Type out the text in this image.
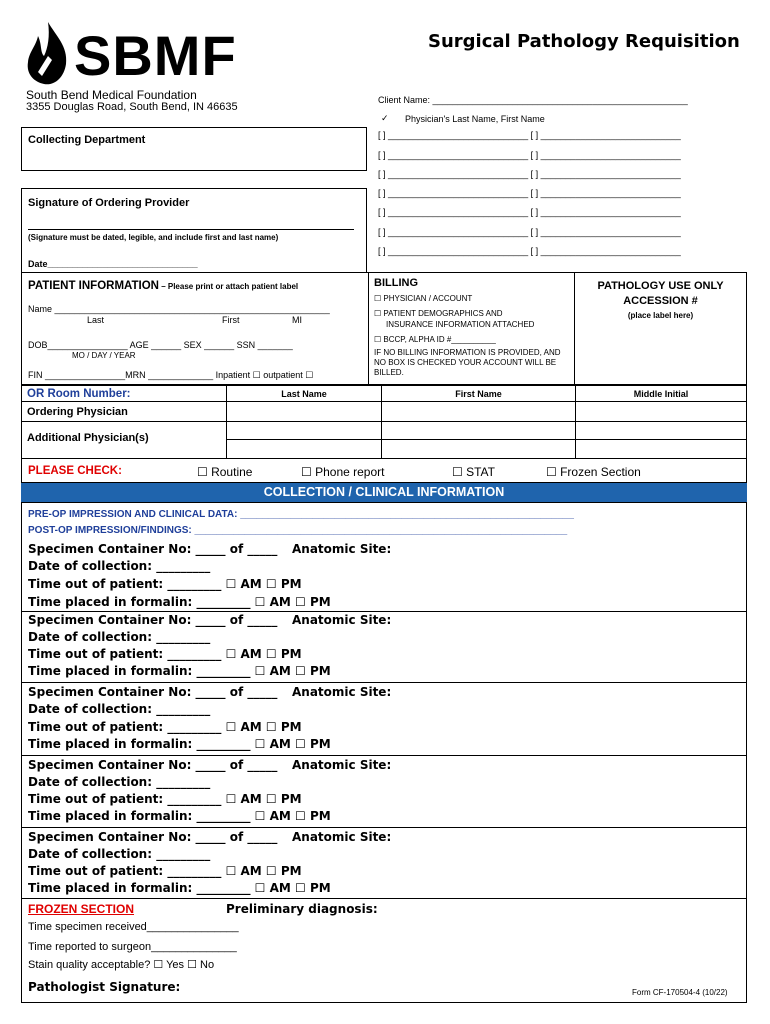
SBMF
South Bend Medical Foundation
3355 Douglas Road, South Bend, IN 46635
Surgical Pathology Requisition
Client Name: ___________________________________________________
✓ Physician's Last Name, First Name
[ ] ____________________________ [ ] ____________________________
[ ] ____________________________ [ ] ____________________________
[ ] ____________________________ [ ] ____________________________
[ ] ____________________________ [ ] ____________________________
[ ] ____________________________ [ ] ____________________________
[ ] ____________________________ [ ] ____________________________
[ ] ____________________________ [ ] ____________________________
Collecting Department
Signature of Ordering Provider
(Signature must be dated, legible, and include first and last name)
Date______________________________
PATIENT INFORMATION – Please print or attach patient label
Name _______________________________________________________
Last	First	MI
DOB________________ AGE ______ SEX ______ SSN _______
MO / DAY / YEAR
FIN ________________MRN _____________ Inpatient ☐ outpatient ☐
BILLING
☐ PHYSICIAN / ACCOUNT
☐ PATIENT DEMOGRAPHICS AND
INSURANCE INFORMATION ATTACHED
☐ BCCP, ALPHA ID #__________
IF NO BILLING INFORMATION IS PROVIDED, AND NO BOX IS CHECKED YOUR ACCOUNT WILL BE BILLED.
PATHOLOGY USE ONLY
ACCESSION #
(place label here)
OR Room Number:	Last Name	First Name	Middle Initial
Ordering Physician
Additional Physician(s)
PLEASE CHECK:	☐ Routine	☐ Phone report	☐ STAT	☐ Frozen Section
COLLECTION / CLINICAL INFORMATION
PRE-OP IMPRESSION AND CLINICAL DATA: ____________________________________________________________
POST-OP IMPRESSION/FINDINGS: ___________________________________________________________________
Specimen Container No: _____ of _____ Anatomic Site:
Date of collection: _________
Time out of patient: _________ ☐ AM ☐ PM
Time placed in formalin: _________ ☐ AM ☐ PM
Specimen Container No: _____ of _____ Anatomic Site:
Date of collection: _________
Time out of patient: _________ ☐ AM ☐ PM
Time placed in formalin: _________ ☐ AM ☐ PM
Specimen Container No: _____ of _____ Anatomic Site:
Date of collection: _________
Time out of patient: _________ ☐ AM ☐ PM
Time placed in formalin: _________ ☐ AM ☐ PM
Specimen Container No: _____ of _____ Anatomic Site:
Date of collection: _________
Time out of patient: _________ ☐ AM ☐ PM
Time placed in formalin: _________ ☐ AM ☐ PM
Specimen Container No: _____ of _____ Anatomic Site:
Date of collection: _________
Time out of patient: _________ ☐ AM ☐ PM
Time placed in formalin: _________ ☐ AM ☐ PM
FROZEN SECTION	Preliminary diagnosis:
Time specimen received_______________
Time reported to surgeon______________
Stain quality acceptable? ☐ Yes ☐ No
Pathologist Signature:	Form CF-170504-4 (10/22)
